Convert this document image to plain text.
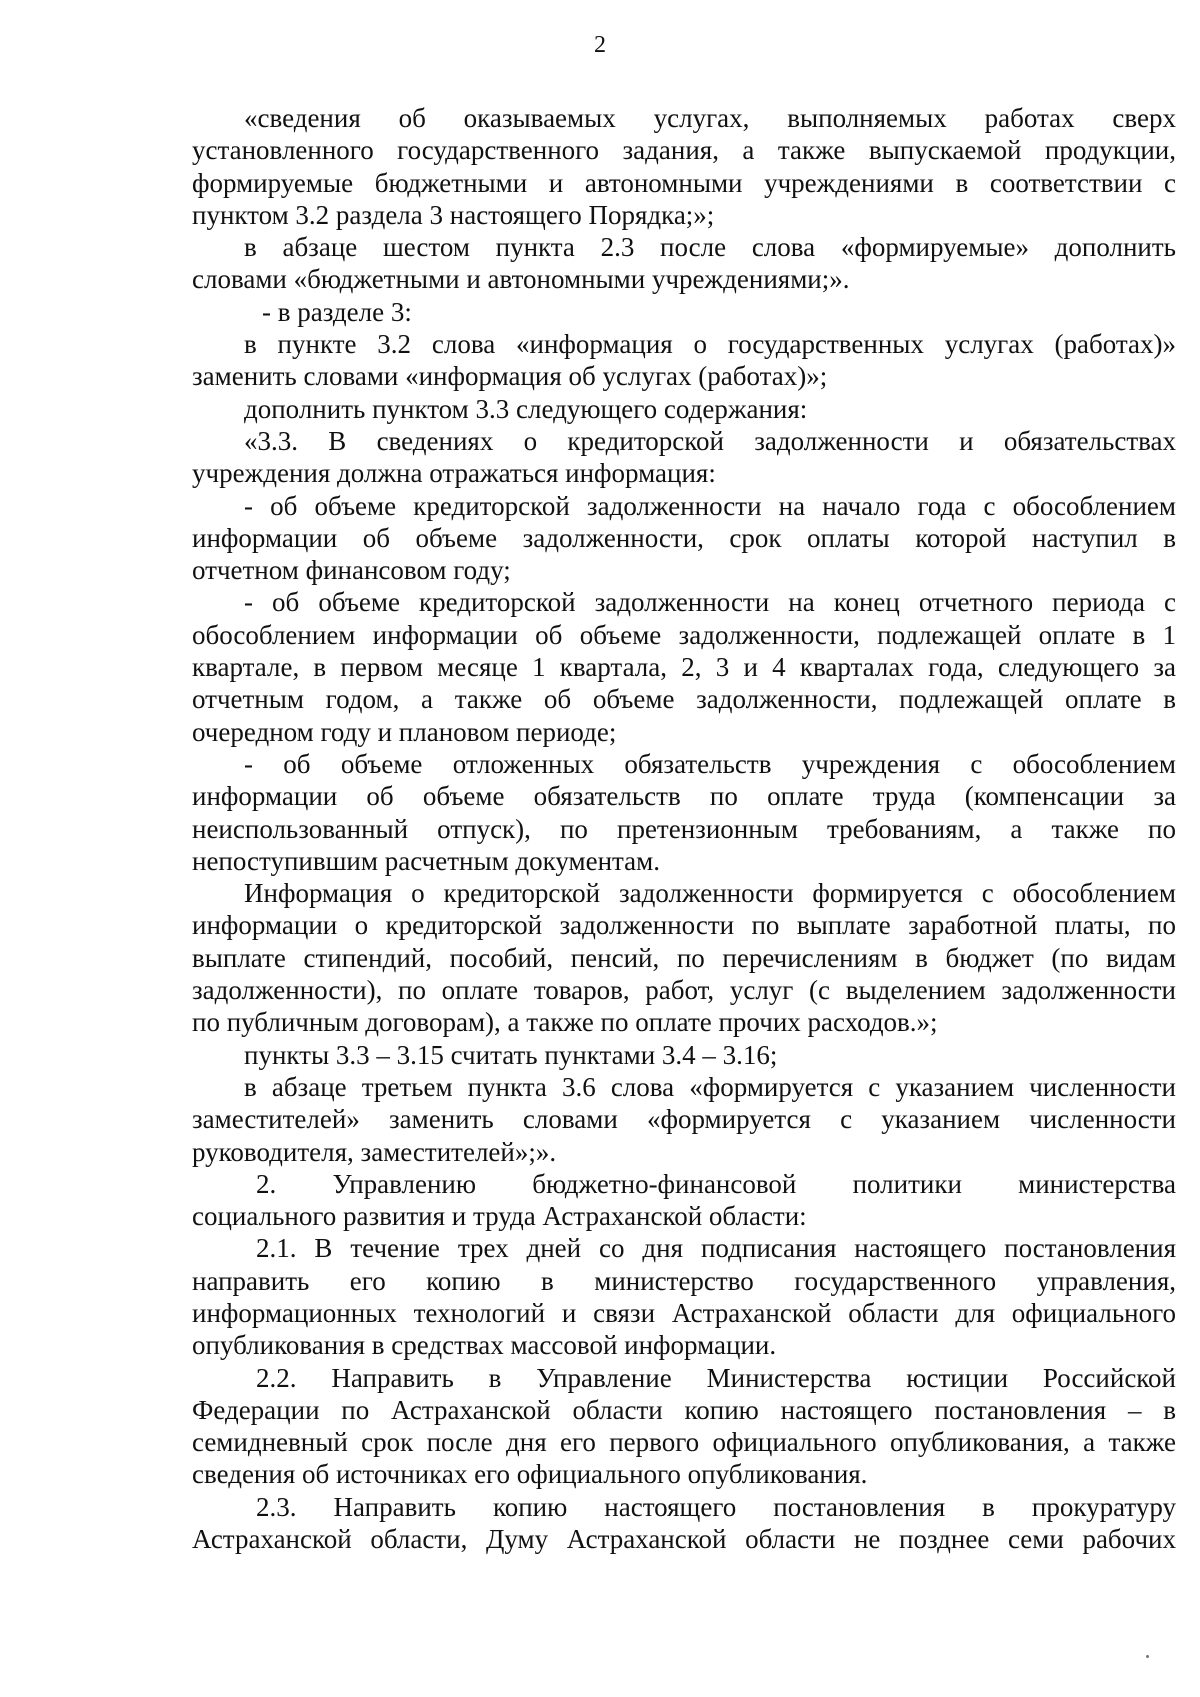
2
«сведения об оказываемых услугах, выполняемых работах сверх
установленного государственного задания, а также выпускаемой продукции,
формируемые бюджетными и автономными учреждениями в соответствии с
пунктом 3.2 раздела 3 настоящего Порядка;»;
в абзаце шестом пункта 2.3 после слова «формируемые» дополнить
словами «бюджетными и автономными учреждениями;».
- в разделе 3:
в пункте 3.2 слова «информация о государственных услугах (работах)»
заменить словами «информация об услугах (работах)»;
дополнить пунктом 3.3 следующего содержания:
«3.3. В сведениях о кредиторской задолженности и обязательствах
учреждения должна отражаться информация:
- об объеме кредиторской задолженности на начало года с обособлением
информации об объеме задолженности, срок оплаты которой наступил в
отчетном финансовом году;
- об объеме кредиторской задолженности на конец отчетного периода с
обособлением информации об объеме задолженности, подлежащей оплате в 1
квартале, в первом месяце 1 квартала, 2, 3 и 4 кварталах года, следующего за
отчетным годом, а также об объеме задолженности, подлежащей оплате в
очередном году и плановом периоде;
- об объеме отложенных обязательств учреждения с обособлением
информации об объеме обязательств по оплате труда (компенсации за
неиспользованный отпуск), по претензионным требованиям, а также по
непоступившим расчетным документам.
Информация о кредиторской задолженности формируется с обособлением
информации о кредиторской задолженности по выплате заработной платы, по
выплате стипендий, пособий, пенсий, по перечислениям в бюджет (по видам
задолженности), по оплате товаров, работ, услуг (с выделением задолженности
по публичным договорам), а также по оплате прочих расходов.»;
пункты 3.3 – 3.15 считать пунктами 3.4 – 3.16;
в абзаце третьем пункта 3.6 слова «формируется с указанием численности
заместителей» заменить словами «формируется с указанием численности
руководителя, заместителей»;».
2. Управлению бюджетно-финансовой политики министерства
социального развития и труда Астраханской области:
2.1. В течение трех дней со дня подписания настоящего постановления
направить его копию в министерство государственного управления,
информационных технологий и связи Астраханской области для официального
опубликования в средствах массовой информации.
2.2. Направить в Управление Министерства юстиции Российской
Федерации по Астраханской области копию настоящего постановления – в
семидневный срок после дня его первого официального опубликования, а также
сведения об источниках его официального опубликования.
2.3. Направить копию настоящего постановления в прокуратуру
Астраханской области, Думу Астраханской области не позднее семи рабочих
